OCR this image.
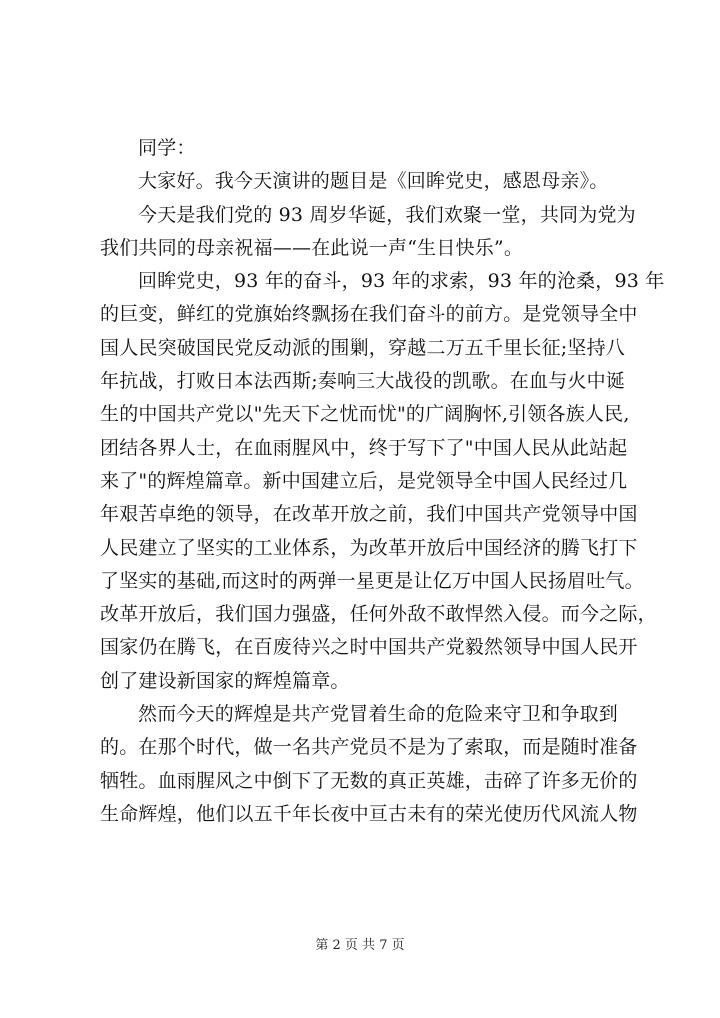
同学：
大家好。我今天演讲的题目是《回眸党史，感恩母亲》。
今天是我们党的 93 周岁华诞，我们欢聚一堂，共同为党为
我们共同的母亲祝福——在此说一声“生日快乐”。
回眸党史，93 年的奋斗，93 年的求索，93 年的沧桑，93 年
的巨变，鲜红的党旗始终飘扬在我们奋斗的前方。是党领导全中
国人民突破国民党反动派的围剿，穿越二万五千里长征;坚持八
年抗战，打败日本法西斯;奏响三大战役的凯歌。在血与火中诞
生的中国共产党以"先天下之忧而忧"的广阔胸怀,引领各族人民,
团结各界人士，在血雨腥风中，终于写下了"中国人民从此站起
来了"的辉煌篇章。新中国建立后，是党领导全中国人民经过几
年艰苦卓绝的领导，在改革开放之前，我们中国共产党领导中国
人民建立了坚实的工业体系，为改革开放后中国经济的腾飞打下
了坚实的基础,而这时的两弹一星更是让亿万中国人民扬眉吐气。
改革开放后，我们国力强盛，任何外敌不敢悍然入侵。而今之际，
国家仍在腾飞，在百废待兴之时中国共产党毅然领导中国人民开
创了建设新国家的辉煌篇章。
然而今天的辉煌是共产党冒着生命的危险来守卫和争取到
的。在那个时代，做一名共产党员不是为了索取，而是随时准备
牺牲。血雨腥风之中倒下了无数的真正英雄，击碎了许多无价的
生命辉煌，他们以五千年长夜中亘古未有的荣光使历代风流人物
第 2 页 共 7 页
